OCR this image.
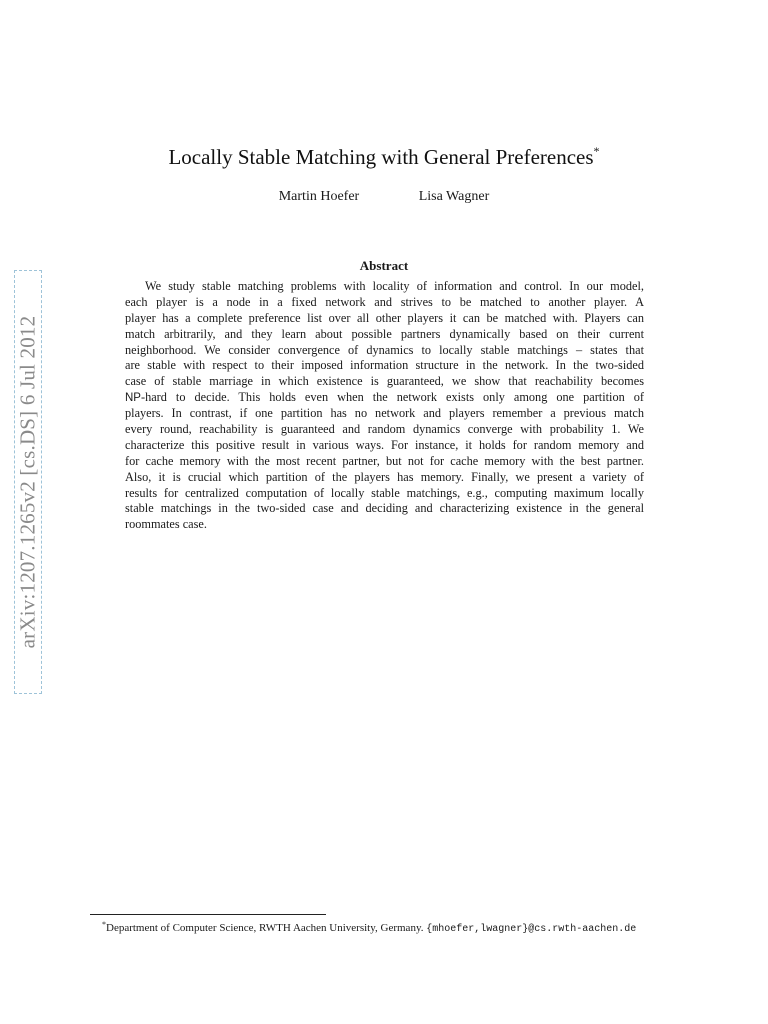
arXiv:1207.1265v2 [cs.DS] 6 Jul 2012
Locally Stable Matching with General Preferences*
Martin Hoefer	Lisa Wagner
Abstract
We study stable matching problems with locality of information and control. In our model,
each player is a node in a fixed network and strives to be matched to another player. A
player has a complete preference list over all other players it can be matched with. Players can
match arbitrarily, and they learn about possible partners dynamically based on their current
neighborhood. We consider convergence of dynamics to locally stable matchings – states that
are stable with respect to their imposed information structure in the network. In the two-sided
case of stable marriage in which existence is guaranteed, we show that reachability becomes
NP-hard to decide. This holds even when the network exists only among one partition of
players. In contrast, if one partition has no network and players remember a previous match
every round, reachability is guaranteed and random dynamics converge with probability 1. We
characterize this positive result in various ways. For instance, it holds for random memory and
for cache memory with the most recent partner, but not for cache memory with the best partner.
Also, it is crucial which partition of the players has memory. Finally, we present a variety of
results for centralized computation of locally stable matchings, e.g., computing maximum locally
stable matchings in the two-sided case and deciding and characterizing existence in the general
roommates case.
*Department of Computer Science, RWTH Aachen University, Germany. {mhoefer,lwagner}@cs.rwth-aachen.de
